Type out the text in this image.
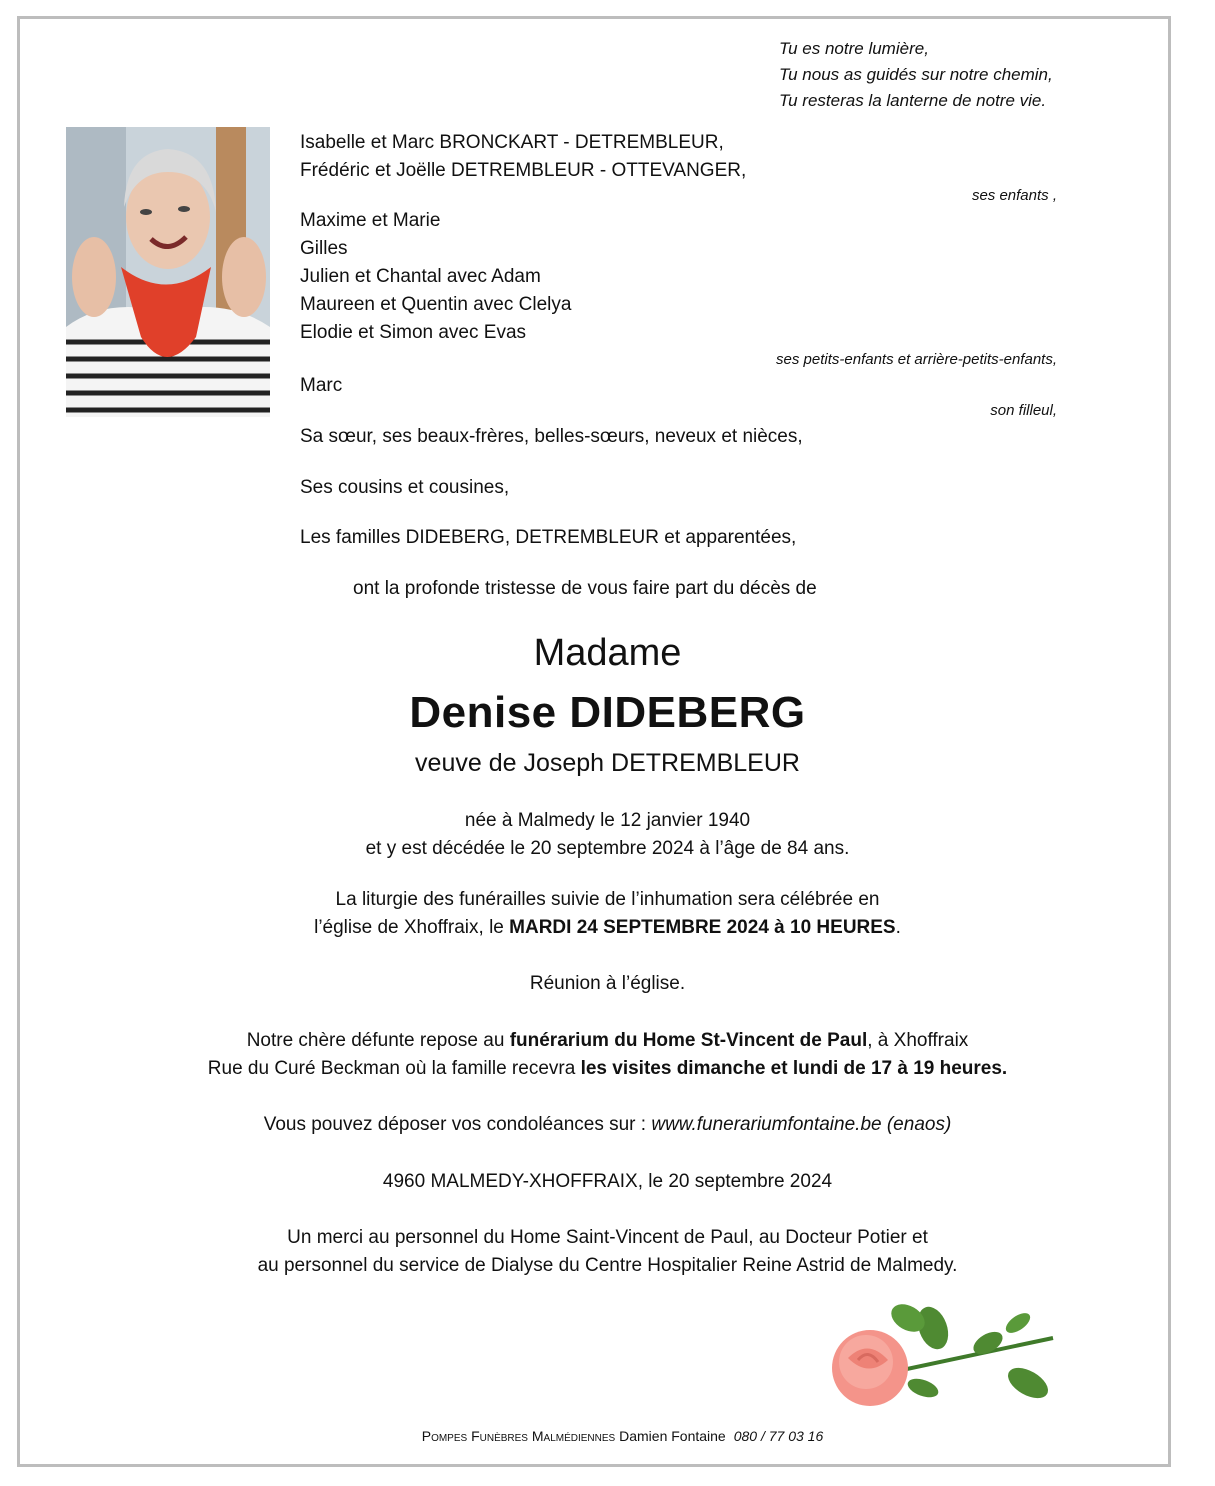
Tu es notre lumière,
Tu nous as guidés sur notre chemin,
Tu resteras la lanterne de notre vie.
Isabelle et Marc BRONCKART - DETREMBLEUR,
Frédéric et Joëlle DETREMBLEUR - OTTEVANGER,
ses enfants ,
Maxime et Marie
Gilles
Julien et Chantal avec Adam
Maureen et Quentin avec Clelya
Elodie et Simon avec Evas
ses petits-enfants et arrière-petits-enfants,
Marc
son filleul,
Sa sœur, ses beaux-frères, belles-sœurs, neveux et nièces,
Ses cousins et cousines,
Les familles DIDEBERG, DETREMBLEUR et apparentées,
ont la profonde tristesse de vous faire part du décès de
Madame
Denise DIDEBERG
veuve de Joseph DETREMBLEUR
née à Malmedy le 12 janvier 1940
et y est décédée le 20 septembre 2024 à l’âge de 84 ans.
La liturgie des funérailles suivie de l’inhumation sera célébrée en
l’église de Xhoffraix, le MARDI 24 SEPTEMBRE 2024 à 10 HEURES.
Réunion à l’église.
Notre chère défunte repose au funérarium du Home St-Vincent de Paul, à Xhoffraix
Rue du Curé Beckman où la famille recevra les visites dimanche et lundi de 17 à 19 heures.
Vous pouvez déposer vos condoléances sur : www.funerariumfontaine.be (enaos)
4960 MALMEDY-XHOFFRAIX, le 20 septembre 2024
Un merci au personnel du Home Saint-Vincent de Paul, au Docteur Potier et
au personnel du service de Dialyse du Centre Hospitalier Reine Astrid de Malmedy.
Pompes Funèbres Malmédiennes Damien Fontaine 080 / 77 03 16
